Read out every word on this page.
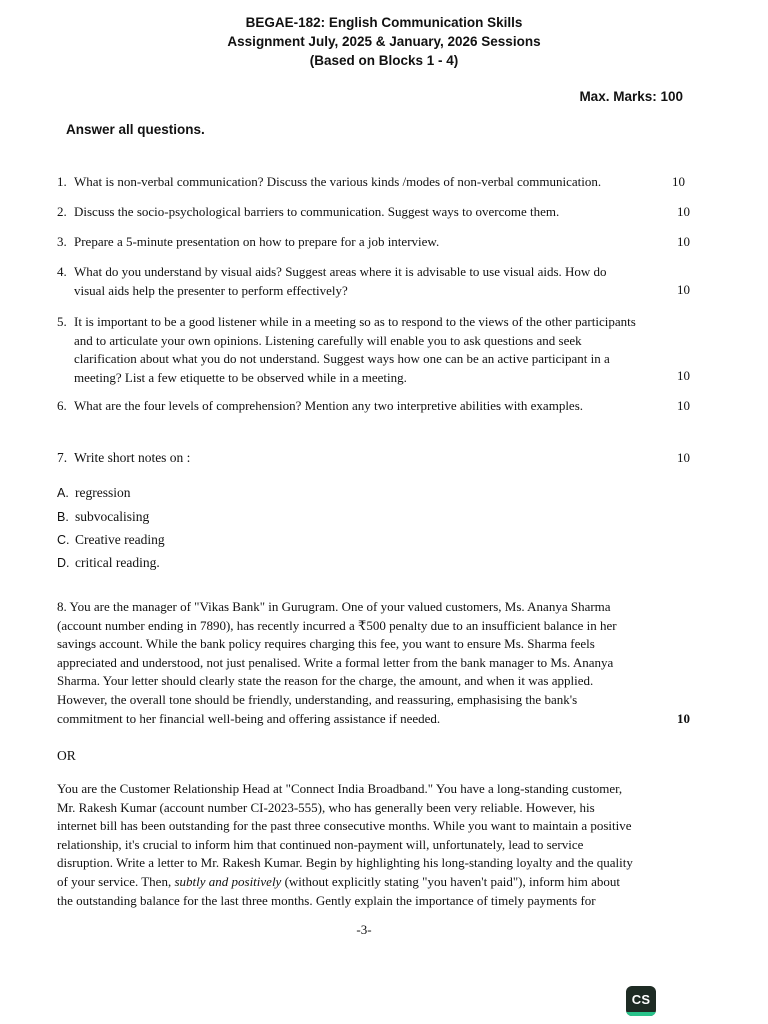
BEGAE-182: English Communication Skills
Assignment July, 2025 & January, 2026 Sessions
(Based on Blocks 1 - 4)
Max. Marks: 100
Answer all questions.
1. What is non-verbal communication? Discuss the various kinds /modes of non-verbal communication.	10
2. Discuss the socio-psychological barriers to communication. Suggest ways to overcome them.	10
3. Prepare a 5-minute presentation on how to prepare for a job interview.	10
4. What do you understand by visual aids? Suggest areas where it is advisable to use visual aids. How do
visual aids help the presenter to perform effectively?	10
5. It is important to be a good listener while in a meeting so as to respond to the views of the other participants
and to articulate your own opinions. Listening carefully will enable you to ask questions and seek
clarification about what you do not understand. Suggest ways how one can be an active participant in a
meeting? List a few etiquette to be observed while in a meeting.	10
6. What are the four levels of comprehension? Mention any two interpretive abilities with examples.	10
7. Write short notes on :	10
A. regression
B. subvocalising
C. Creative reading
D. critical reading.
8. You are the manager of "Vikas Bank" in Gurugram. One of your valued customers, Ms. Ananya Sharma
(account number ending in 7890), has recently incurred a ₹500 penalty due to an insufficient balance in her
savings account. While the bank policy requires charging this fee, you want to ensure Ms. Sharma feels
appreciated and understood, not just penalised. Write a formal letter from the bank manager to Ms. Ananya
Sharma. Your letter should clearly state the reason for the charge, the amount, and when it was applied.
However, the overall tone should be friendly, understanding, and reassuring, emphasising the bank's
commitment to her financial well-being and offering assistance if needed.	10
OR
You are the Customer Relationship Head at "Connect India Broadband." You have a long-standing customer,
Mr. Rakesh Kumar (account number CI-2023-555), who has generally been very reliable. However, his
internet bill has been outstanding for the past three consecutive months. While you want to maintain a positive
relationship, it's crucial to inform him that continued non-payment will, unfortunately, lead to service
disruption. Write a letter to Mr. Rakesh Kumar. Begin by highlighting his long-standing loyalty and the quality
of your service. Then, subtly and positively (without explicitly stating "you haven't paid"), inform him about
the outstanding balance for the last three months. Gently explain the importance of timely payments for
-3-
CS
